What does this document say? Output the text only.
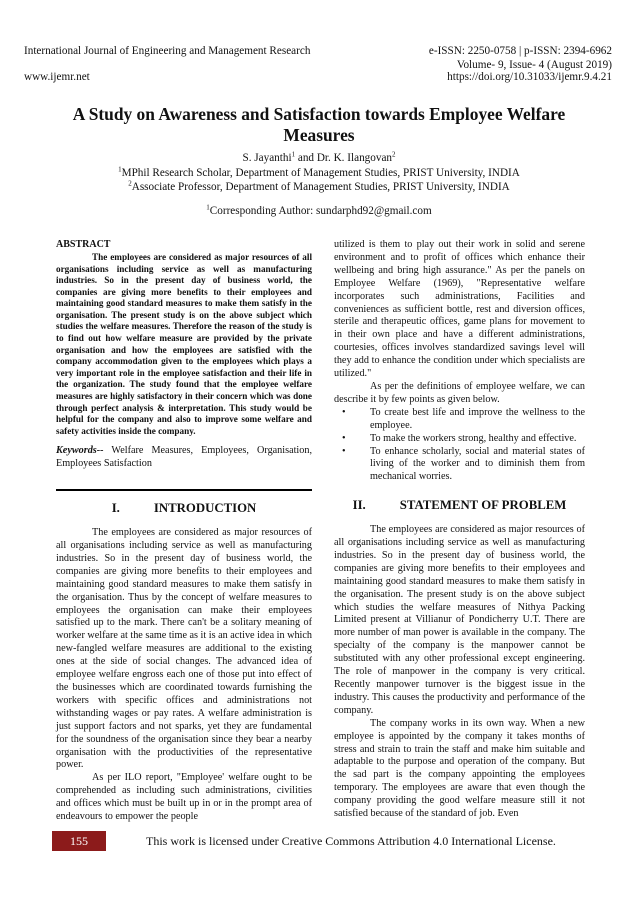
International Journal of Engineering and Management Research	e-ISSN: 2250-0758 | p-ISSN: 2394-6962
Volume- 9, Issue- 4 (August 2019)
www.ijemr.net	https://doi.org/10.31033/ijemr.9.4.21
A Study on Awareness and Satisfaction towards Employee Welfare Measures
S. Jayanthi$^1$ and Dr. K. Ilangovan$^2$
$^1$MPhil Research Scholar, Department of Management Studies, PRIST University, INDIA
$^2$Associate Professor, Department of Management Studies, PRIST University, INDIA
$^1$Corresponding Author: sundarphd92@gmail.com

ABSTRACT

The employees are considered as major resources of all organisations including service as well as manufacturing industries. So in the present day of business world, the companies are giving more benefits to their employees and maintaining good standard measures to make them satisfy in the organisation. The present study is on the above subject which studies the welfare measures. Therefore the reason of the study is to find out how welfare measure are provided by the private organisation and how the employees are satisfied with the company accommodation given to the employees which plays a very important role in the employee satisfaction and their life in the organization. The study found that the employee welfare measures are highly satisfactory in their concern which was done through perfect analysis & interpretation. This study would be helpful for the company and also to improve some welfare and safety activities inside the company.

Keywords-- Welfare Measures, Employees, Organisation, Employees Satisfaction

I.	INTRODUCTION

The employees are considered as major resources of all organisations including service as well as manufacturing industries. So in the present day of business world, the companies are giving more benefits to their employees and maintaining good standard measures to make them satisfy in the organisation. Thus by the concept of welfare measures to employees the organisation can make their employees satisfied up to the mark. There can't be a solitary meaning of worker welfare at the same time as it is an active idea in which new-fangled welfare measures are additional to the existing ones at the side of social changes. The advanced idea of employee welfare engross each one of those put into effect of the businesses which are coordinated towards furnishing the workers with specific offices and administrations not withstanding wages or pay rates. A welfare administration is just support factors and not sparks, yet they are fundamental for the soundness of the organisation since they bear a nearby organisation with the productivities of the representative power.

As per ILO report, "Employee' welfare ought to be comprehended as including such administrations, civilities and offices which must be built up in or in the prompt area of endeavours to empower the people

utilized is them to play out their work in solid and serene environment and to profit of offices which enhance their wellbeing and bring high assurance." As per the panels on Employee Welfare (1969), "Representative welfare incorporates such administrations, Facilities and conveniences as sufficient bottle, rest and diversion offices, sterile and therapeutic offices, game plans for movement to in their own place and have a different administrations, courtesies, offices involves standardized savings level will they add to enhance the condition under which specialists are utilized."

As per the definitions of employee welfare, we can describe it by few points as given below.

• To create best life and improve the wellness to the employee.
• To make the workers strong, healthy and effective.
• To enhance scholarly, social and material states of living of the worker and to diminish them from mechanical worries.
II.	STATEMENT OF PROBLEM

The employees are considered as major resources of all organisations including service as well as manufacturing industries. So in the present day of business world, the companies are giving more benefits to their employees and maintaining good standard measures to make them satisfy in the organisation. The present study is on the above subject which studies the welfare measures of Nithya Packing Limited present at Villianur of Pondicherry U.T. There are more number of man power is available in the company. The specialty of the company is the manpower cannot be substituted with any other professional except engineering. The role of manpower in the company is very critical. Recently manpower turnover is the biggest issue in the industry. This causes the productivity and performance of the company.

The company works in its own way. When a new employee is appointed by the company it takes months of stress and strain to train the staff and make him suitable and adaptable to the purpose and operation of the company. But the sad part is the company appointing the employees temporary. The employees are aware that even though the company providing the good welfare measure still it not satisfied because of the standard of job. Even

155	This work is licensed under Creative Commons Attribution 4.0 International License.
